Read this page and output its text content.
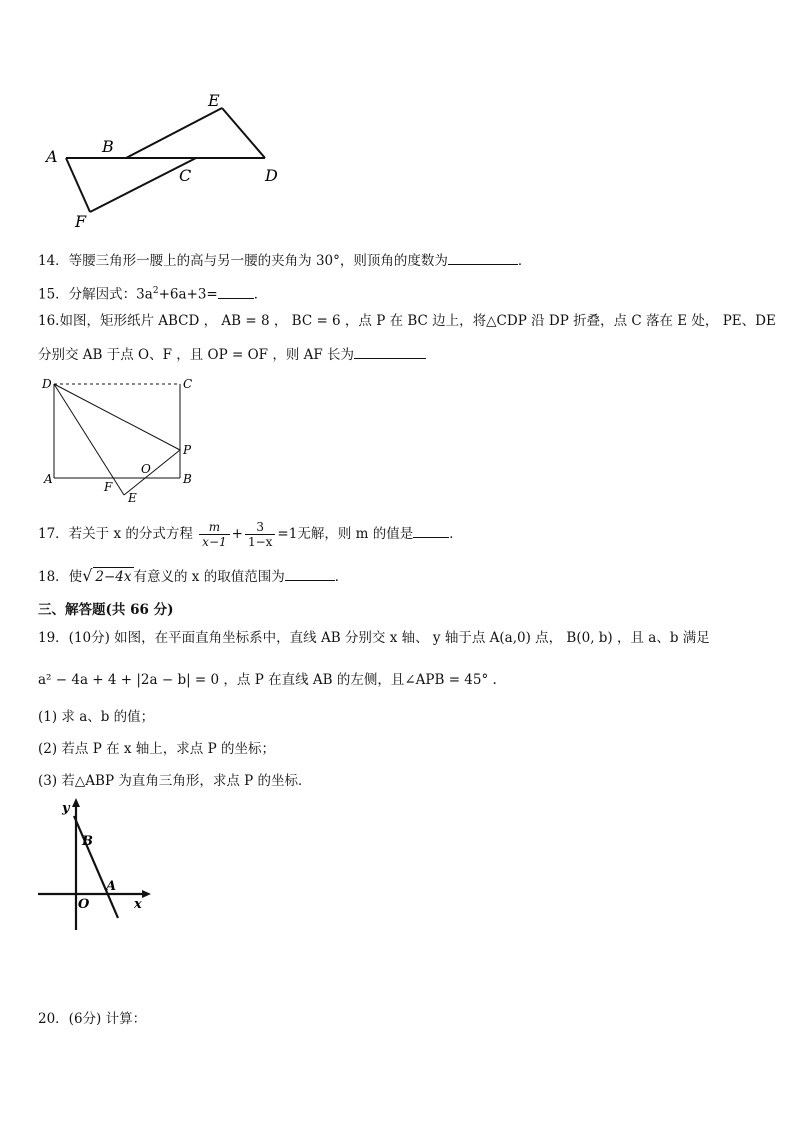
A
B
C	D
E
F
14．等腰三角形一腰上的高与另一腰的夹角为 30°，则顶角的度数为	．
15．分解因式：$3a^2+6a+3=$	．
16.如图，矩形纸片 ABCD ， AB = 8 ， BC = 6 ，点 P 在 BC 边上，将△CDP 沿 DP 折叠，点 C 落在 E 处， PE、DE
分别交 AB 于点 O、F ，且 OP = OF ，则 AF 长为
D	C
P
O
A
F
E
B
17．若关于 x 的分式方程 $\frac{m}{x-1} + \frac{3}{1-x} =1$无解，则 m 的值是	．
18．使√ 2−4x 有意义的 x 的取值范围为	．
三、解答题(共 66 分)
19．(10分) 如图，在平面直角坐标系中，直线 AB 分别交 x 轴、 y 轴于点 A(a,0) 点， B(0, b) ，且 a、b 满足
a² − 4a + 4 + |2a − b| = 0 ，点 P 在直线 AB 的左侧，且∠APB = 45° .
(1) 求 a、b 的值；
(2) 若点 P 在 x 轴上，求点 P 的坐标；
(3) 若△ABP 为直角三角形，求点 P 的坐标．
y
B
A
O	x
20．(6分) 计算：
